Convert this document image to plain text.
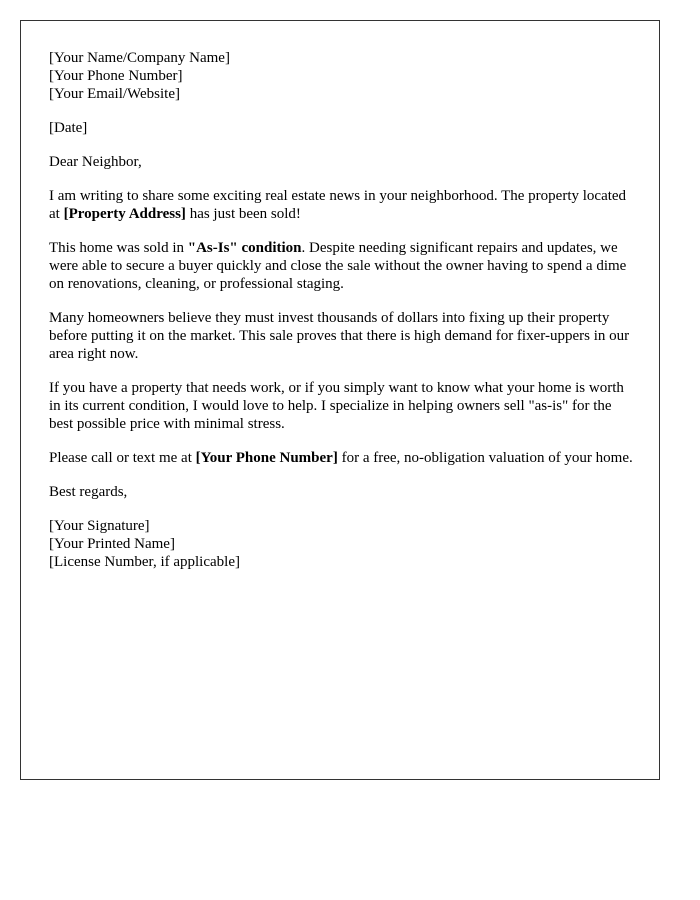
[Your Name/Company Name]
[Your Phone Number]
[Your Email/Website]

[Date]

Dear Neighbor,

I am writing to share some exciting real estate news in your neighborhood. The property located at [Property Address] has just been sold!

This home was sold in "As-Is" condition. Despite needing significant repairs and updates, we were able to secure a buyer quickly and close the sale without the owner having to spend a dime on renovations, cleaning, or professional staging.

Many homeowners believe they must invest thousands of dollars into fixing up their property before putting it on the market. This sale proves that there is high demand for fixer-uppers in our area right now.

If you have a property that needs work, or if you simply want to know what your home is worth in its current condition, I would love to help. I specialize in helping owners sell "as-is" for the best possible price with minimal stress.

Please call or text me at [Your Phone Number] for a free, no-obligation valuation of your home.

Best regards,

[Your Signature]
[Your Printed Name]
[License Number, if applicable]
